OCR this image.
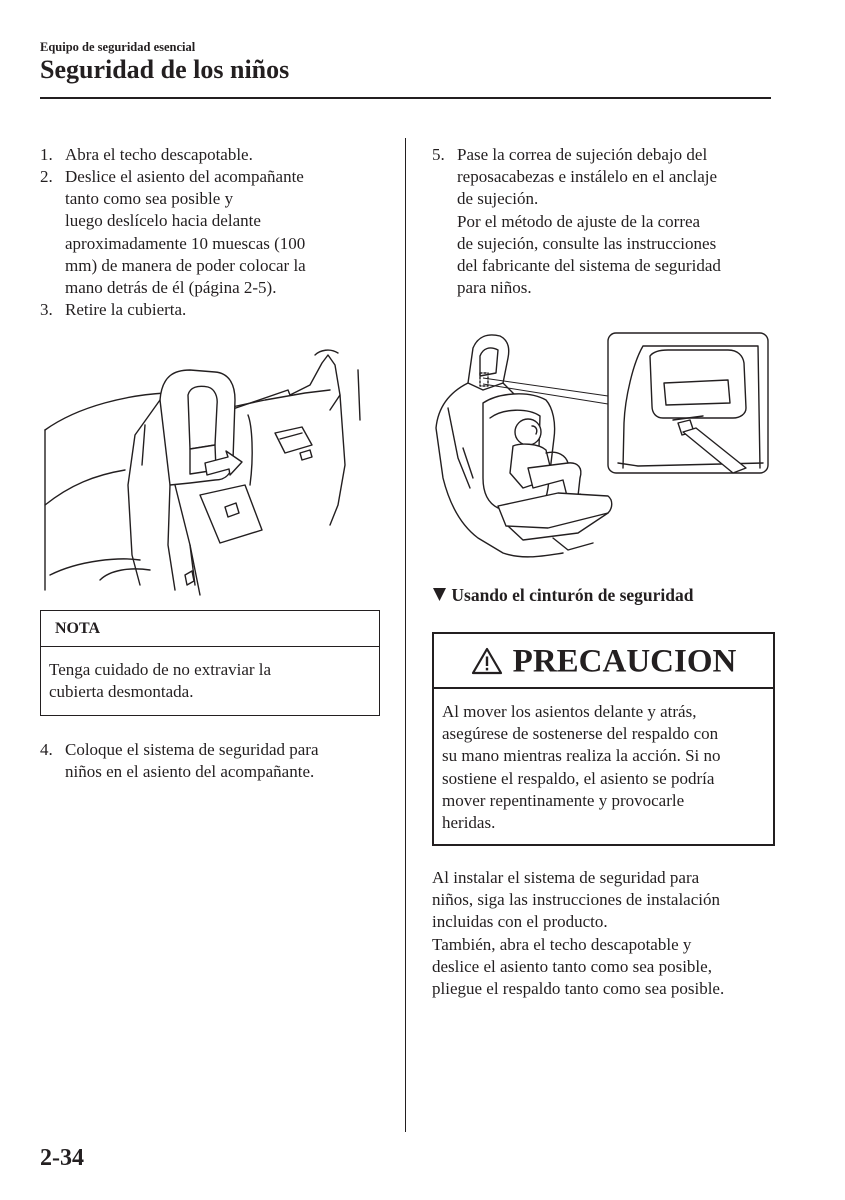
Equipo de seguridad esencial
Seguridad de los niños
1. Abra el techo descapotable.
2. Deslice el asiento del acompañante
tanto como sea posible y
luego deslícelo hacia delante
aproximadamente 10 muescas (100
mm) de manera de poder colocar la
mano detrás de él (página 2-5).
3. Retire la cubierta.
NOTA
Tenga cuidado de no extraviar la
cubierta desmontada.
4. Coloque el sistema de seguridad para
niños en el asiento del acompañante.
5. Pase la correa de sujeción debajo del
reposacabezas e instálelo en el anclaje
de sujeción.
Por el método de ajuste de la correa
de sujeción, consulte las instrucciones
del fabricante del sistema de seguridad
para niños.
Usando el cinturón de seguridad
PRECAUCION
Al mover los asientos delante y atrás,
asegúrese de sostenerse del respaldo con
su mano mientras realiza la acción. Si no
sostiene el respaldo, el asiento se podría
mover repentinamente y provocarle
heridas.
Al instalar el sistema de seguridad para
niños, siga las instrucciones de instalación
incluidas con el producto.
También, abra el techo descapotable y
deslice el asiento tanto como sea posible,
pliegue el respaldo tanto como sea posible.
2-34
